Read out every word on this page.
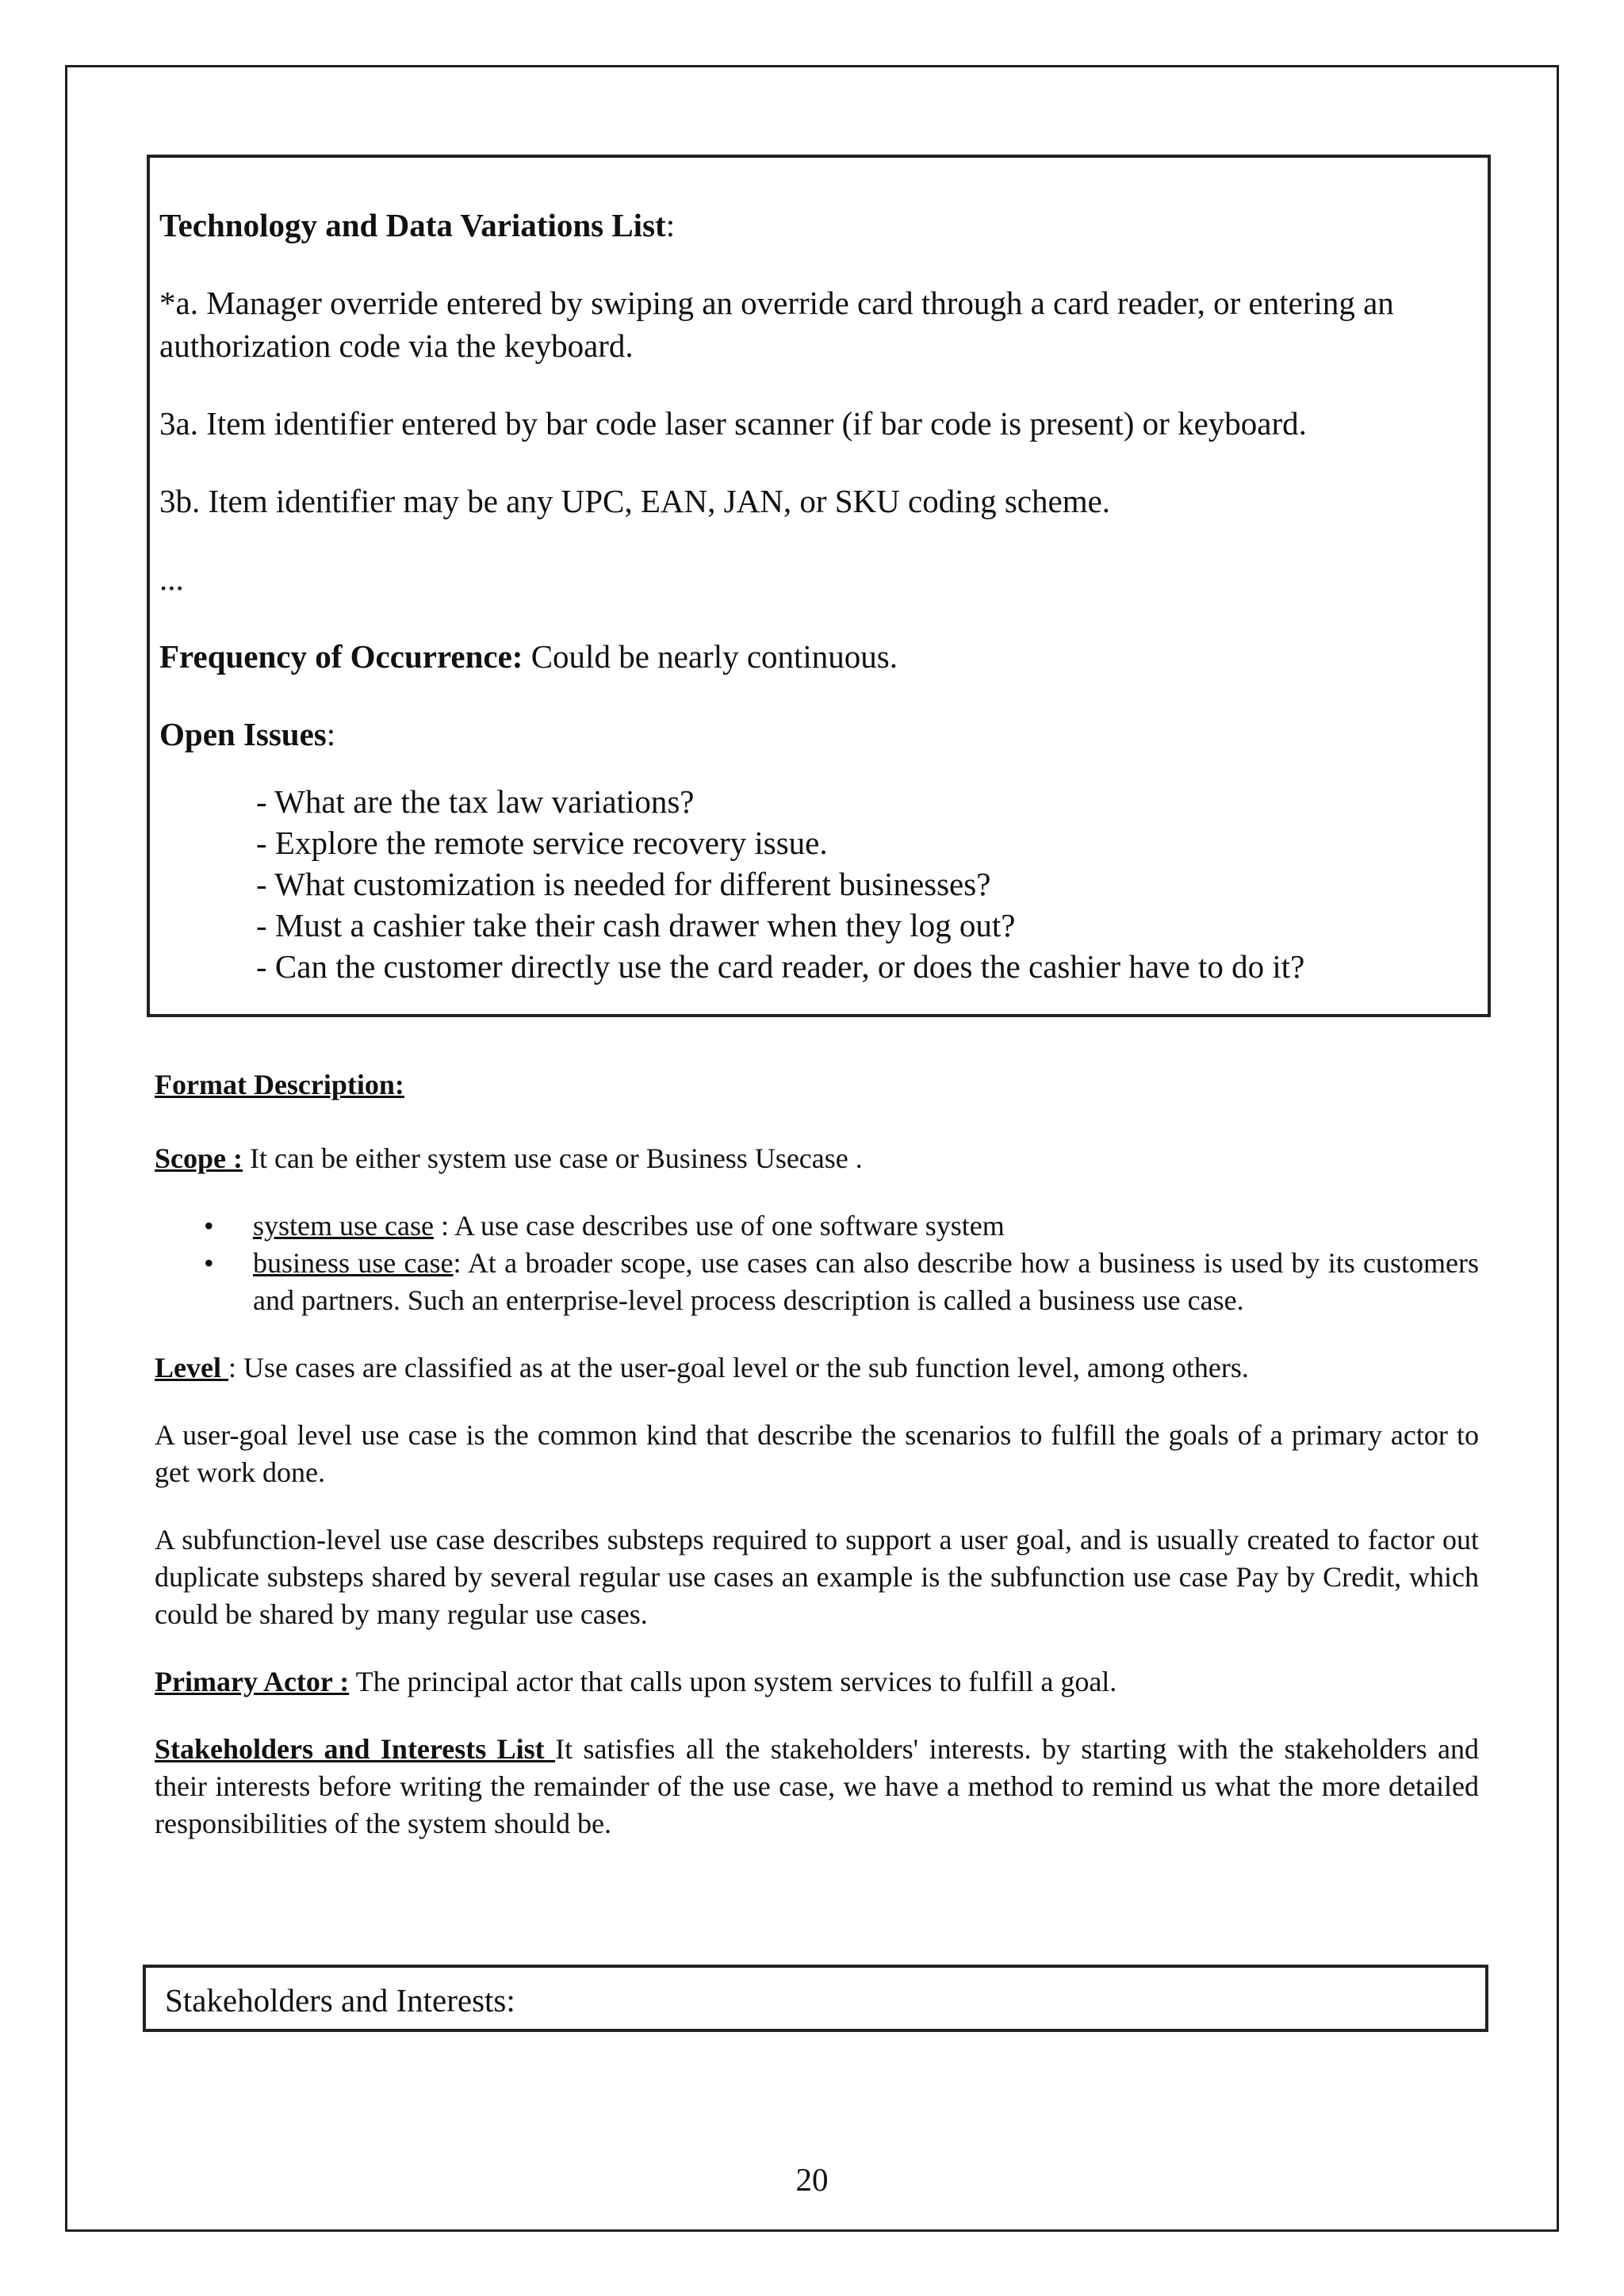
Technology and Data Variations List:

*a. Manager override entered by swiping an override card through a card reader, or entering an authorization code via the keyboard.

3a. Item identifier entered by bar code laser scanner (if bar code is present) or keyboard.

3b. Item identifier may be any UPC, EAN, JAN, or SKU coding scheme.

...

Frequency of Occurrence: Could be nearly continuous.

Open Issues:

- What are the tax law variations?
- Explore the remote service recovery issue.
- What customization is needed for different businesses?
- Must a cashier take their cash drawer when they log out?
- Can the customer directly use the card reader, or does the cashier have to do it?

Format Description:

Scope : It can be either system use case or Business Usecase .

• system use case : A use case describes use of one software system
• business use case: At a broader scope, use cases can also describe how a business is used by its customers and partners. Such an enterprise-level process description is called a business use case.

Level : Use cases are classified as at the user-goal level or the sub function level, among others.

A user-goal level use case is the common kind that describe the scenarios to fulfill the goals of a primary actor to get work done.

A subfunction-level use case describes substeps required to support a user goal, and is usually created to factor out duplicate substeps shared by several regular use cases an example is the subfunction use case Pay by Credit, which could be shared by many regular use cases.

Primary Actor : The principal actor that calls upon system services to fulfill a goal.

Stakeholders and Interests List It satisfies all the stakeholders' interests. by starting with the stakeholders and their interests before writing the remainder of the use case, we have a method to remind us what the more detailed responsibilities of the system should be.

Stakeholders and Interests:
20
